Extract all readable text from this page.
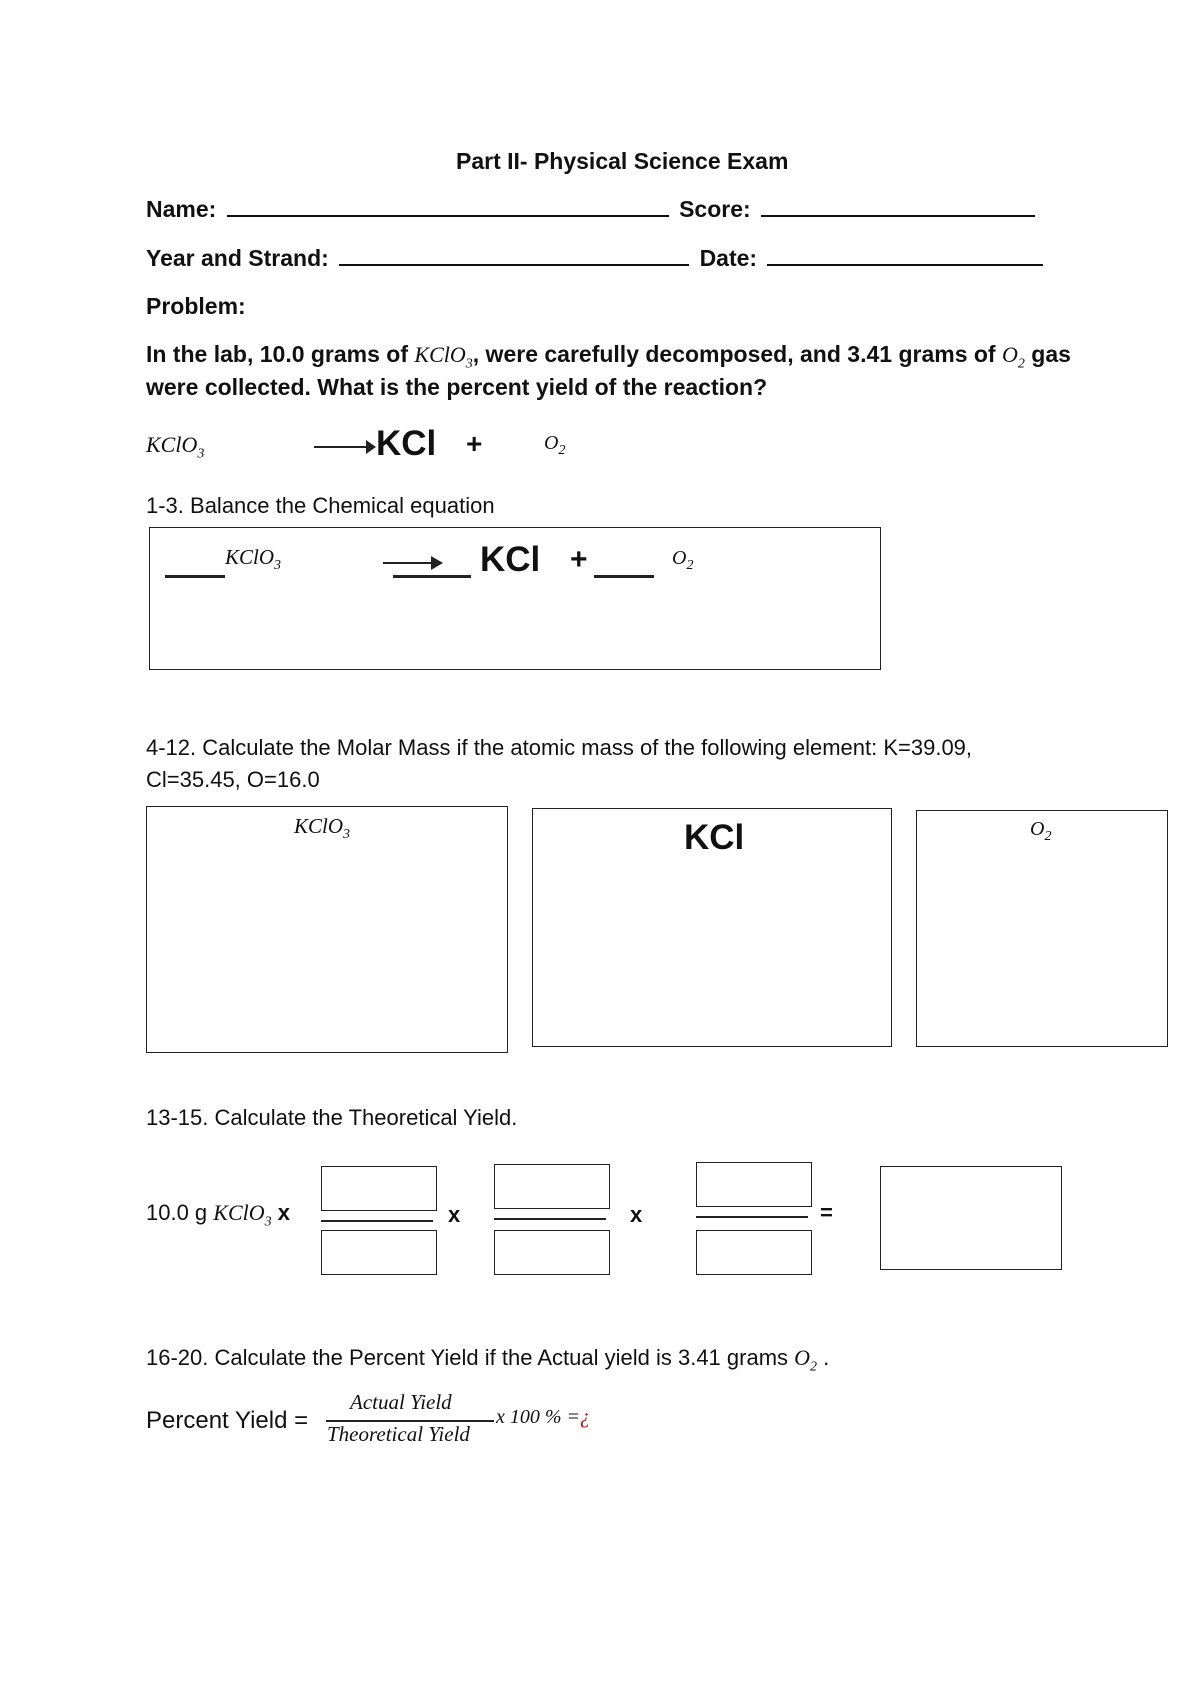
Part II- Physical Science Exam
Name:	Score:
Year and Strand:	Date:
Problem:
In the lab, 10.0 grams of KClO$_3$, were carefully decomposed, and 3.41 grams of $O_2$ gas
were collected. What is the percent yield of the reaction?
KClO$_3$	KCl +	$O_2$
1-3. Balance the Chemical equation
KClO$_3$	KCl +	$O_2$
4-12. Calculate the Molar Mass if the atomic mass of the following element: K=39.09,
Cl=35.45, O=16.0
KClO$_3$	KCl	$O_2$
13-15. Calculate the Theoretical Yield.
10.0 g KClO$_3$ x	x	x	=
16-20. Calculate the Percent Yield if the Actual yield is 3.41 grams $O_2$ .
Percent Yield =
Actual Yield
Theoretical Yield
x 100 % =¿
